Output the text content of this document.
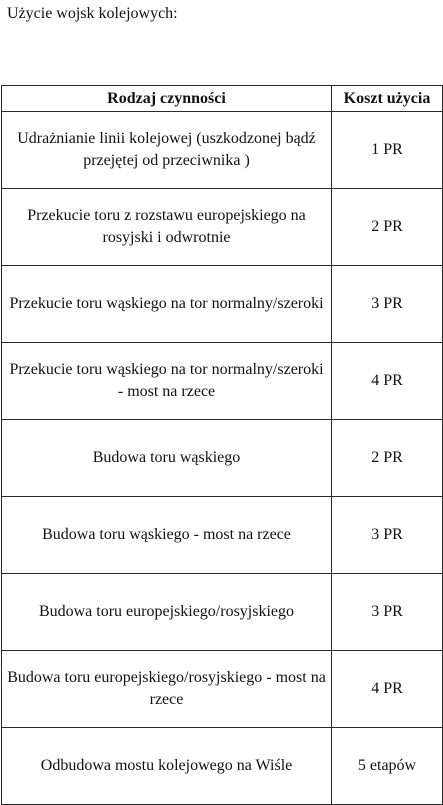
Użycie wojsk kolejowych:
Rodzaj czynności	Koszt użycia
Udrażnianie linii kolejowej (uszkodzonej bądź przejętej od przeciwnika )	1 PR
Przekucie toru z rozstawu europejskiego na rosyjski i odwrotnie	2 PR
Przekucie toru wąskiego na tor normalny/szeroki	3 PR
Przekucie toru wąskiego na tor normalny/szeroki - most na rzece	4 PR
Budowa toru wąskiego	2 PR
Budowa toru wąskiego - most na rzece	3 PR
Budowa toru europejskiego/rosyjskiego	3 PR
Budowa toru europejskiego/rosyjskiego - most na rzece	4 PR
Odbudowa mostu kolejowego na Wiśle	5 etapów
